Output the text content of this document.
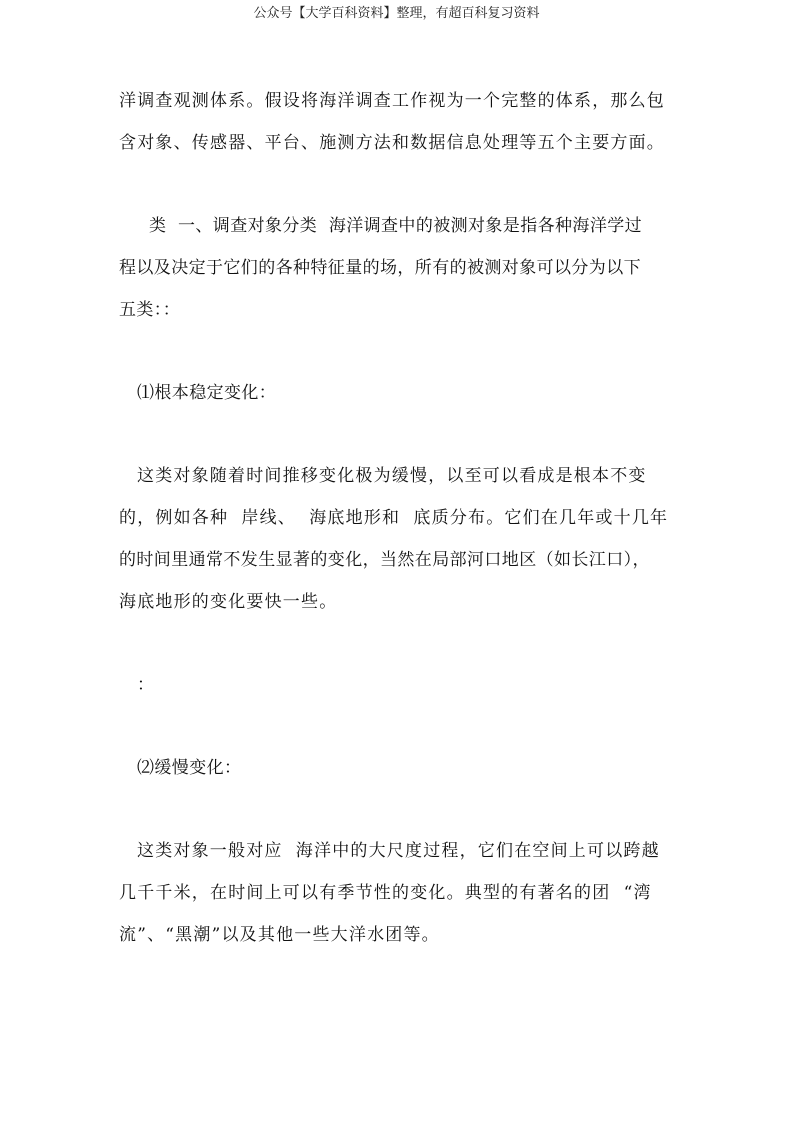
公众号【大学百科资料】整理，有超百科复习资料
洋调查观测体系。假设将海洋调查工作视为一个完整的体系，那么包
含对象、传感器、平台、施测方法和数据信息处理等五个主要方面。
类  一、调查对象分类  海洋调查中的被测对象是指各种海洋学过
程以及决定于它们的各种特征量的场，所有的被测对象可以分为以下
五类：：
⑴根本稳定变化：
这类对象随着时间推移变化极为缓慢，以至可以看成是根本不变
的，例如各种  岸线、  海底地形和  底质分布。它们在几年或十几年
的时间里通常不发生显著的变化，当然在局部河口地区（如长江口），
海底地形的变化要快一些。
：
⑵缓慢变化：
这类对象一般对应  海洋中的大尺度过程，它们在空间上可以跨越
几千千米，在时间上可以有季节性的变化。典型的有著名的团  “湾
流”、“黑潮”以及其他一些大洋水团等。
